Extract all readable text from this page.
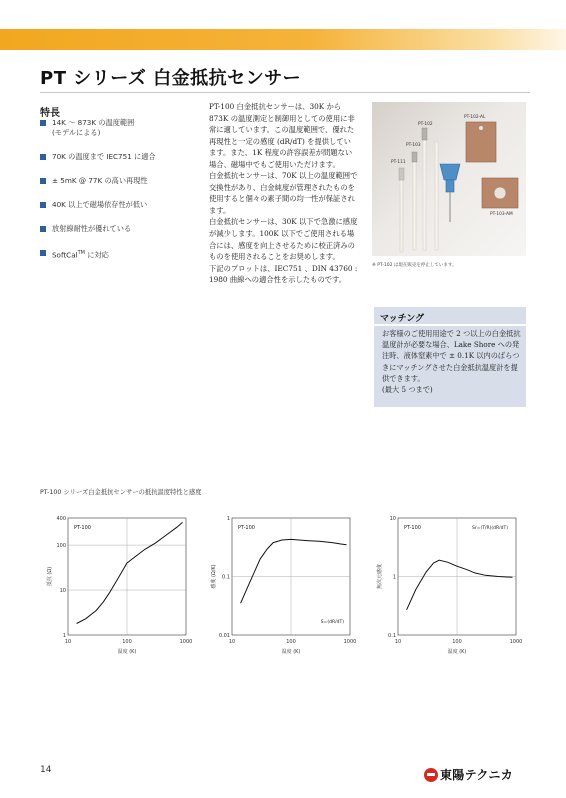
PT シリーズ 白金抵抗センサー
特長
14K ～ 873K の温度範囲
(モデルによる)
70K の温度まで IEC751 に適合
± 5mK @ 77K の高い再現性
40K 以上で磁場依存性が低い
放射線耐性が優れている
SoftCal™ に対応

PT-100 白金抵抗センサーは、30K から 873K の温度測定と制御用としての使用に非常に適しています。この温度範囲で、優れた再現性と一定の感度 (dR/dT) を提供しています。また、1K 程度の許容誤差が問題ない場合、磁場中でもご使用いただけます。

白金抵抗センサーは、70K 以上の温度範囲で交換性があり、白金純度が管理されたものを使用すると個々の素子間の均一性が保証されます。

白金抵抗センサーは、30K 以下で急激に感度が減少します。100K 以下でご使用される場合には、感度を向上させるために校正済みのものを使用されることをお奨めします。

下記のプロットは、IEC751 、DIN 43760 : 1980 曲線への適合性を示したものです。

PT-102-AL
PT-102
PT-103
PT-111
PT-103-AM
※ PT-102 は現在販売を停止しています。
マッチング

お客様のご使用用途で 2 つ以上の白金抵抗温度計が必要な場合、Lake Shore への発注時、液体窒素中で ± 0.1K 以内のばらつきにマッチングさせた白金抵抗温度計を提供できます。

(最大 5 つまで)

PT-100 シリーズ白金抵抗センサーの抵抗温度特性と感度
10	100	1000
1
10
100
400
PT-100
温度 (K)
抵抗 (Ω)
10	100	1000
0.01
0.1
1
PT-100
S=(dR/dT)
温度 (K)
感度 (Ω/K)
10	100	1000
0.1
1
10
PT-100	Sr=(T/R)(dR/dT)
温度 (K)
無次元感度
14	東陽テクニカ
